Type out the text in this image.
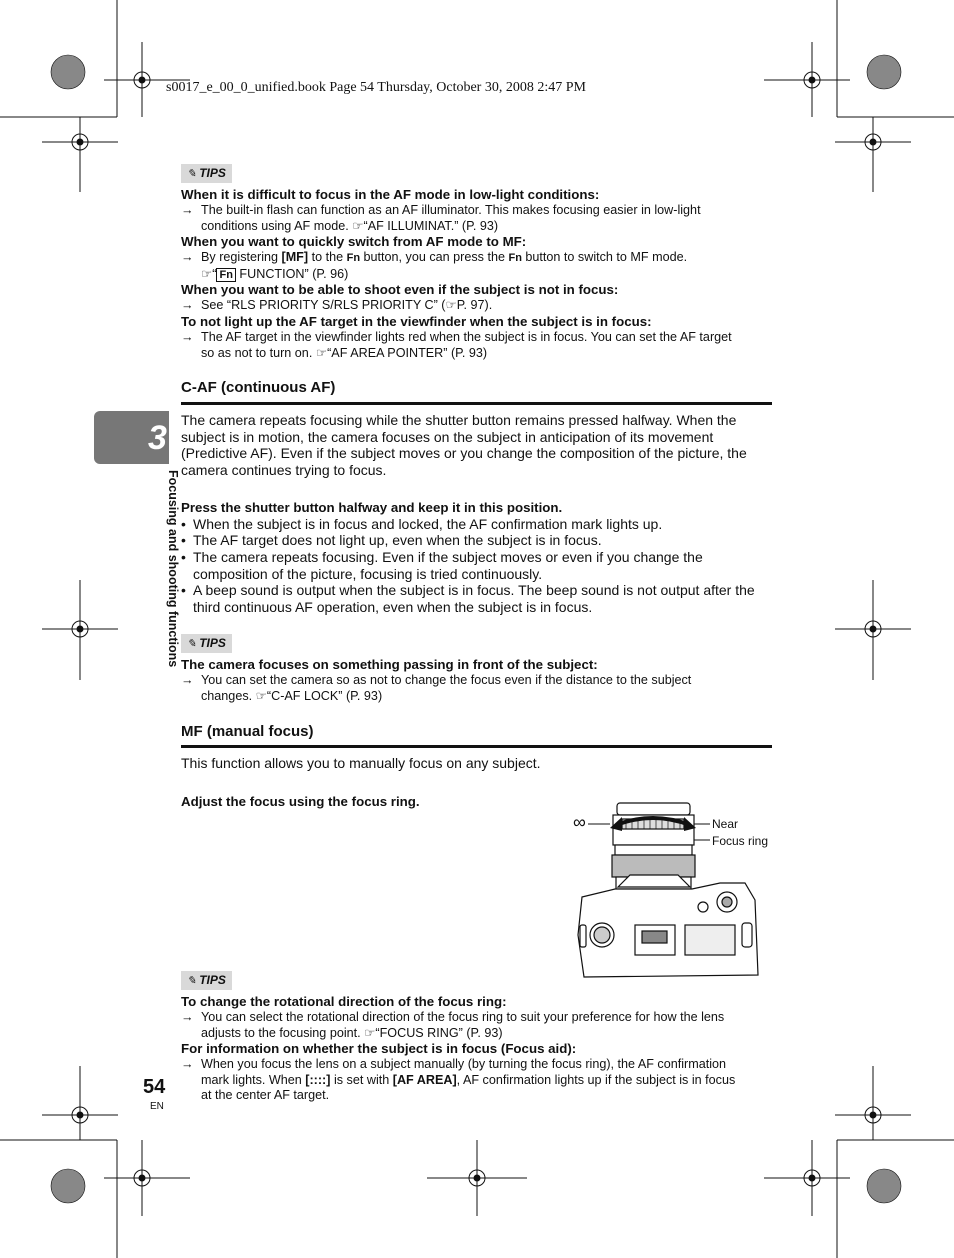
s0017_e_00_0_unified.book Page 54 Thursday, October 30, 2008 2:47 PM
3
Focusing and shooting functions
✎ TIPS
When it is difficult to focus in the AF mode in low-light conditions:
→ The built-in flash can function as an AF illuminator. This makes focusing easier in low-light
conditions using AF mode. ☞“AF ILLUMINAT.” (P. 93)
When you want to quickly switch from AF mode to MF:
→ By registering [MF] to the Fn button, you can press the Fn button to switch to MF mode.
☞“ Fn FUNCTION” (P. 96)
When you want to be able to shoot even if the subject is not in focus:
→ See “RLS PRIORITY S/RLS PRIORITY C” (☞P. 97).
To not light up the AF target in the viewfinder when the subject is in focus:
→ The AF target in the viewfinder lights red when the subject is in focus. You can set the AF target
so as not to turn on. ☞“AF AREA POINTER” (P. 93)
C-AF (continuous AF)
The camera repeats focusing while the shutter button remains pressed halfway. When the subject is in motion, the camera focuses on the subject in anticipation of its movement (Predictive AF). Even if the subject moves or you change the composition of the picture, the camera continues trying to focus.
Press the shutter button halfway and keep it in this position.
• When the subject is in focus and locked, the AF confirmation mark lights up.
• The AF target does not light up, even when the subject is in focus.
• The camera repeats focusing. Even if the subject moves or even if you change the composition of the picture, focusing is tried continuously.
• A beep sound is output when the subject is in focus. The beep sound is not output after the third continuous AF operation, even when the subject is in focus.
✎ TIPS
The camera focuses on something passing in front of the subject:
→ You can set the camera so as not to change the focus even if the distance to the subject
changes. ☞“C-AF LOCK” (P. 93)
MF (manual focus)
This function allows you to manually focus on any subject.
Adjust the focus using the focus ring.
∞	Near
Focus ring
✎ TIPS
To change the rotational direction of the focus ring:
→ You can select the rotational direction of the focus ring to suit your preference for how the lens
adjusts to the focusing point. ☞“FOCUS RING” (P. 93)
For information on whether the subject is in focus (Focus aid):
→ When you focus the lens on a subject manually (by turning the focus ring), the AF confirmation
mark lights. When [::::] is set with [AF AREA], AF confirmation lights up if the subject is in focus
at the center AF target.
54
EN
